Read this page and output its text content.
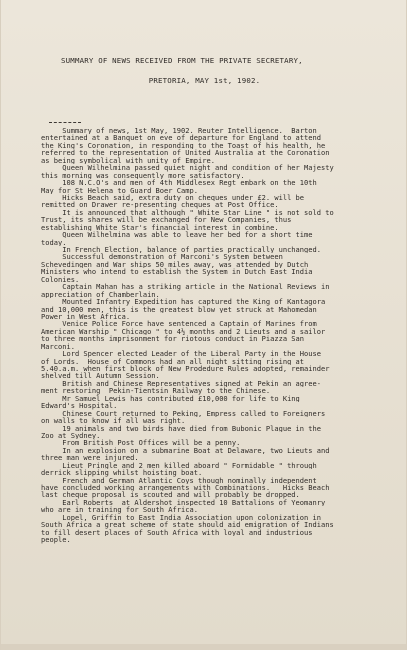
SUMMARY OF NEWS RECEIVED FROM THE PRIVATE SECRETARY,
PRETORIA, MAY 1st, 1902.
Summary of news, 1st May, 1902. Reuter Intelligence.  Barton
entertained at a Banquet on eve of departure for England to attend
the King's Coronation, in responding to the Toast of his health, he
referred to the representation of United Australia at the Coronation
as being symbolical with unity of Empire.
Queen Wilhelmina passed quiet night and condition of her Majesty
this morning was consequently more satisfactory.
108 N.C.O's and men of 4th Middlesex Regt embark on the 10th
May for St Helena to Guard Boer Camp.
Hicks Beach said, extra duty on cheques under £2. will be
remitted on Drawer re-presenting cheques at Post Office.
It is announced that although " White Star Line " is not sold to
Trust, its shares will be exchanged for New Companies, thus
establishing White Star's financial interest in combine.
Queen Wilhelmina was able to leave her bed for a short time
today.
In French Election, balance of parties practically unchanged.
Successful demonstration of Marconi's System between
Schevedingen and War ships 50 miles away, was attended by Dutch
Ministers who intend to establish the System in Dutch East India
Colonies.
Captain Mahan has a striking article in the National Reviews in
appreciation of Chamberlain.
Mounted Infantry Expedition has captured the King of Kantagora
and 10,000 men, this is the greatest blow yet struck at Mahomedan
Power in West Africa.
Venice Police Force have sentenced a Captain of Marines from
American Warship " Chicago " to 4½ months and 2 Lieuts and a sailor
to three months imprisonment for riotous conduct in Piazza San
Marconi.
Lord Spencer elected Leader of the Liberal Party in the House
of Lords.  House of Commons had an all night sitting rising at
5.40.a.m. when first block of New Prodedure Rules adopted, remainder
shelved till Autumn Session.
British and Chinese Representatives signed at Pekin an agree-
ment restoring  Pekin-Tientsin Railway to the Chinese.
Mr Samuel Lewis has contributed £10,000 for life to King
Edward's Hospital.
Chinese Court returned to Peking, Empress called to Foreigners
on walls to know if all was right.
19 animals and two birds have died from Bubonic Plague in the
Zoo at Sydney.
From British Post Offices will be a penny.
In an explosion on a submarine Boat at Delaware, two Lieuts and
three man were injured.
Lieut Pringle and 2 men killed aboard " Formidable " through
derrick slipping whilst hoisting boat.
French and German Atlantic Coys though nominally independent
have concluded working arrangements with Combinations.   Hicks Beach
last cheque proposal is scouted and will probably be dropped.
Earl Roberts  at Aldershot inspected 10 Battalions of Yeomanry
who are in training for South Africa.
Lopel, Griffin to East India Association upon colonization in
South Africa a great scheme of state should aid emigration of Indians
to fill desert places of South Africa with loyal and industrious
people.
